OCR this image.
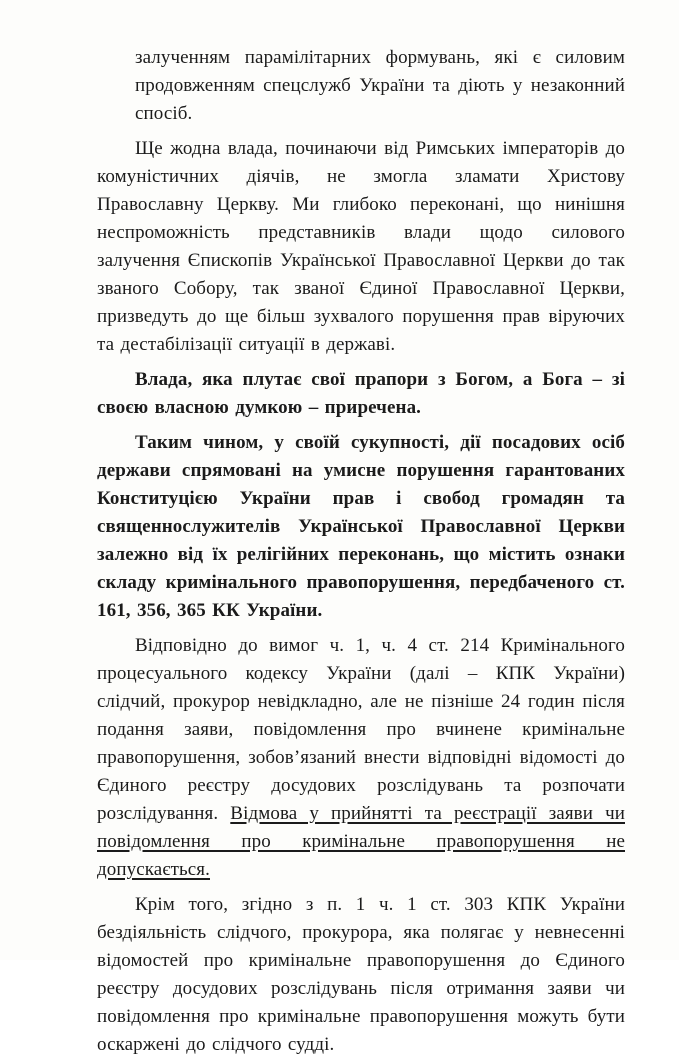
залученням парамілітарних формувань, які є силовим продовженням спецслужб України та діють у незаконний спосіб.

Ще жодна влада, починаючи від Римських імператорів до комуністичних діячів, не змогла зламати Христову Православну Церкву. Ми глибоко переконані, що нинішня неспроможність представників влади щодо силового залучення Єпископів Української Православної Церкви до так званого Собору, так званої Єдиної Православної Церкви, призведуть до ще більш зухвалого порушення прав віруючих та дестабілізації ситуації в державі.

Влада, яка плутає свої прапори з Богом, а Бога – зі своєю власною думкою – приречена.

Таким чином, у своїй сукупності, дії посадових осіб держави спрямовані на умисне порушення гарантованих Конституцією України прав і свобод громадян та священнослужителів Української Православної Церкви залежно від їх релігійних переконань, що містить ознаки складу кримінального правопорушення, передбаченого ст. 161, 356, 365 КК України.

Відповідно до вимог ч. 1, ч. 4 ст. 214 Кримінального процесуального кодексу України (далі – КПК України) слідчий, прокурор невідкладно, але не пізніше 24 годин після подання заяви, повідомлення про вчинене кримінальне правопорушення, зобов’язаний внести відповідні відомості до Єдиного реєстру досудових розслідувань та розпочати розслідування. Відмова у прийнятті та реєстрації заяви чи повідомлення про кримінальне правопорушення не допускається.

Крім того, згідно з п. 1 ч. 1 ст. 303 КПК України бездіяльність слідчого, прокурора, яка полягає у невнесенні відомостей про кримінальне правопорушення до Єдиного реєстру досудових розслідувань після отримання заяви чи повідомлення про кримінальне правопорушення можуть бути оскаржені до слідчого судді.
